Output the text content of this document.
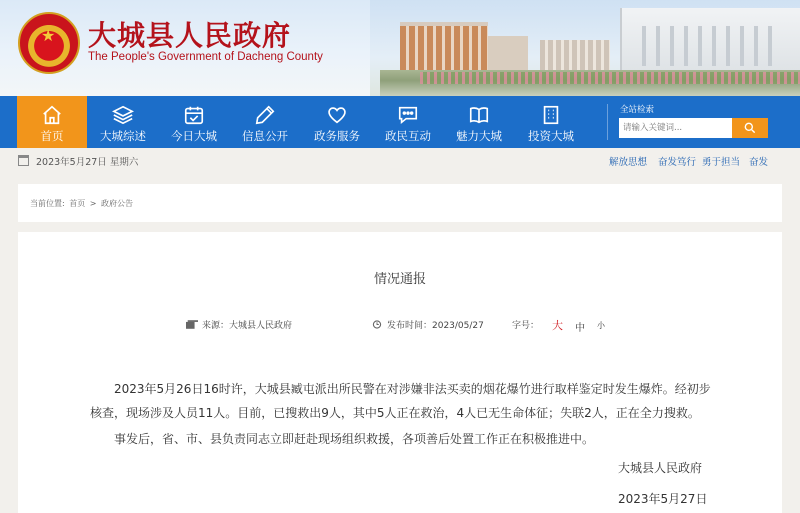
★
大城县人民政府
The People's Government of Dacheng County
首页	大城综述	今日大城	信息公开	政务服务	政民互动	魅力大城	投资大城
全站检索
请输入关键词...
2023年5月27日 星期六	解放思想 奋发笃行 勇于担当 奋发
当前位置: 首页 > 政府公告
情况通报
来源：大城县人民政府	发布时间：2023/05/27	字号： 大 中 小
2023年5月26日16时许，大城县臧屯派出所民警在对涉嫌非法买卖的烟花爆竹进行取样鉴定时发生爆炸。经初步核查，现场涉及人员11人。目前，已搜救出9人，其中5人正在救治，4人已无生命体征；失联2人，正在全力搜救。
事发后，省、市、县负责同志立即赶赴现场组织救援，各项善后处置工作正在积极推进中。
大城县人民政府
2023年5月27日
